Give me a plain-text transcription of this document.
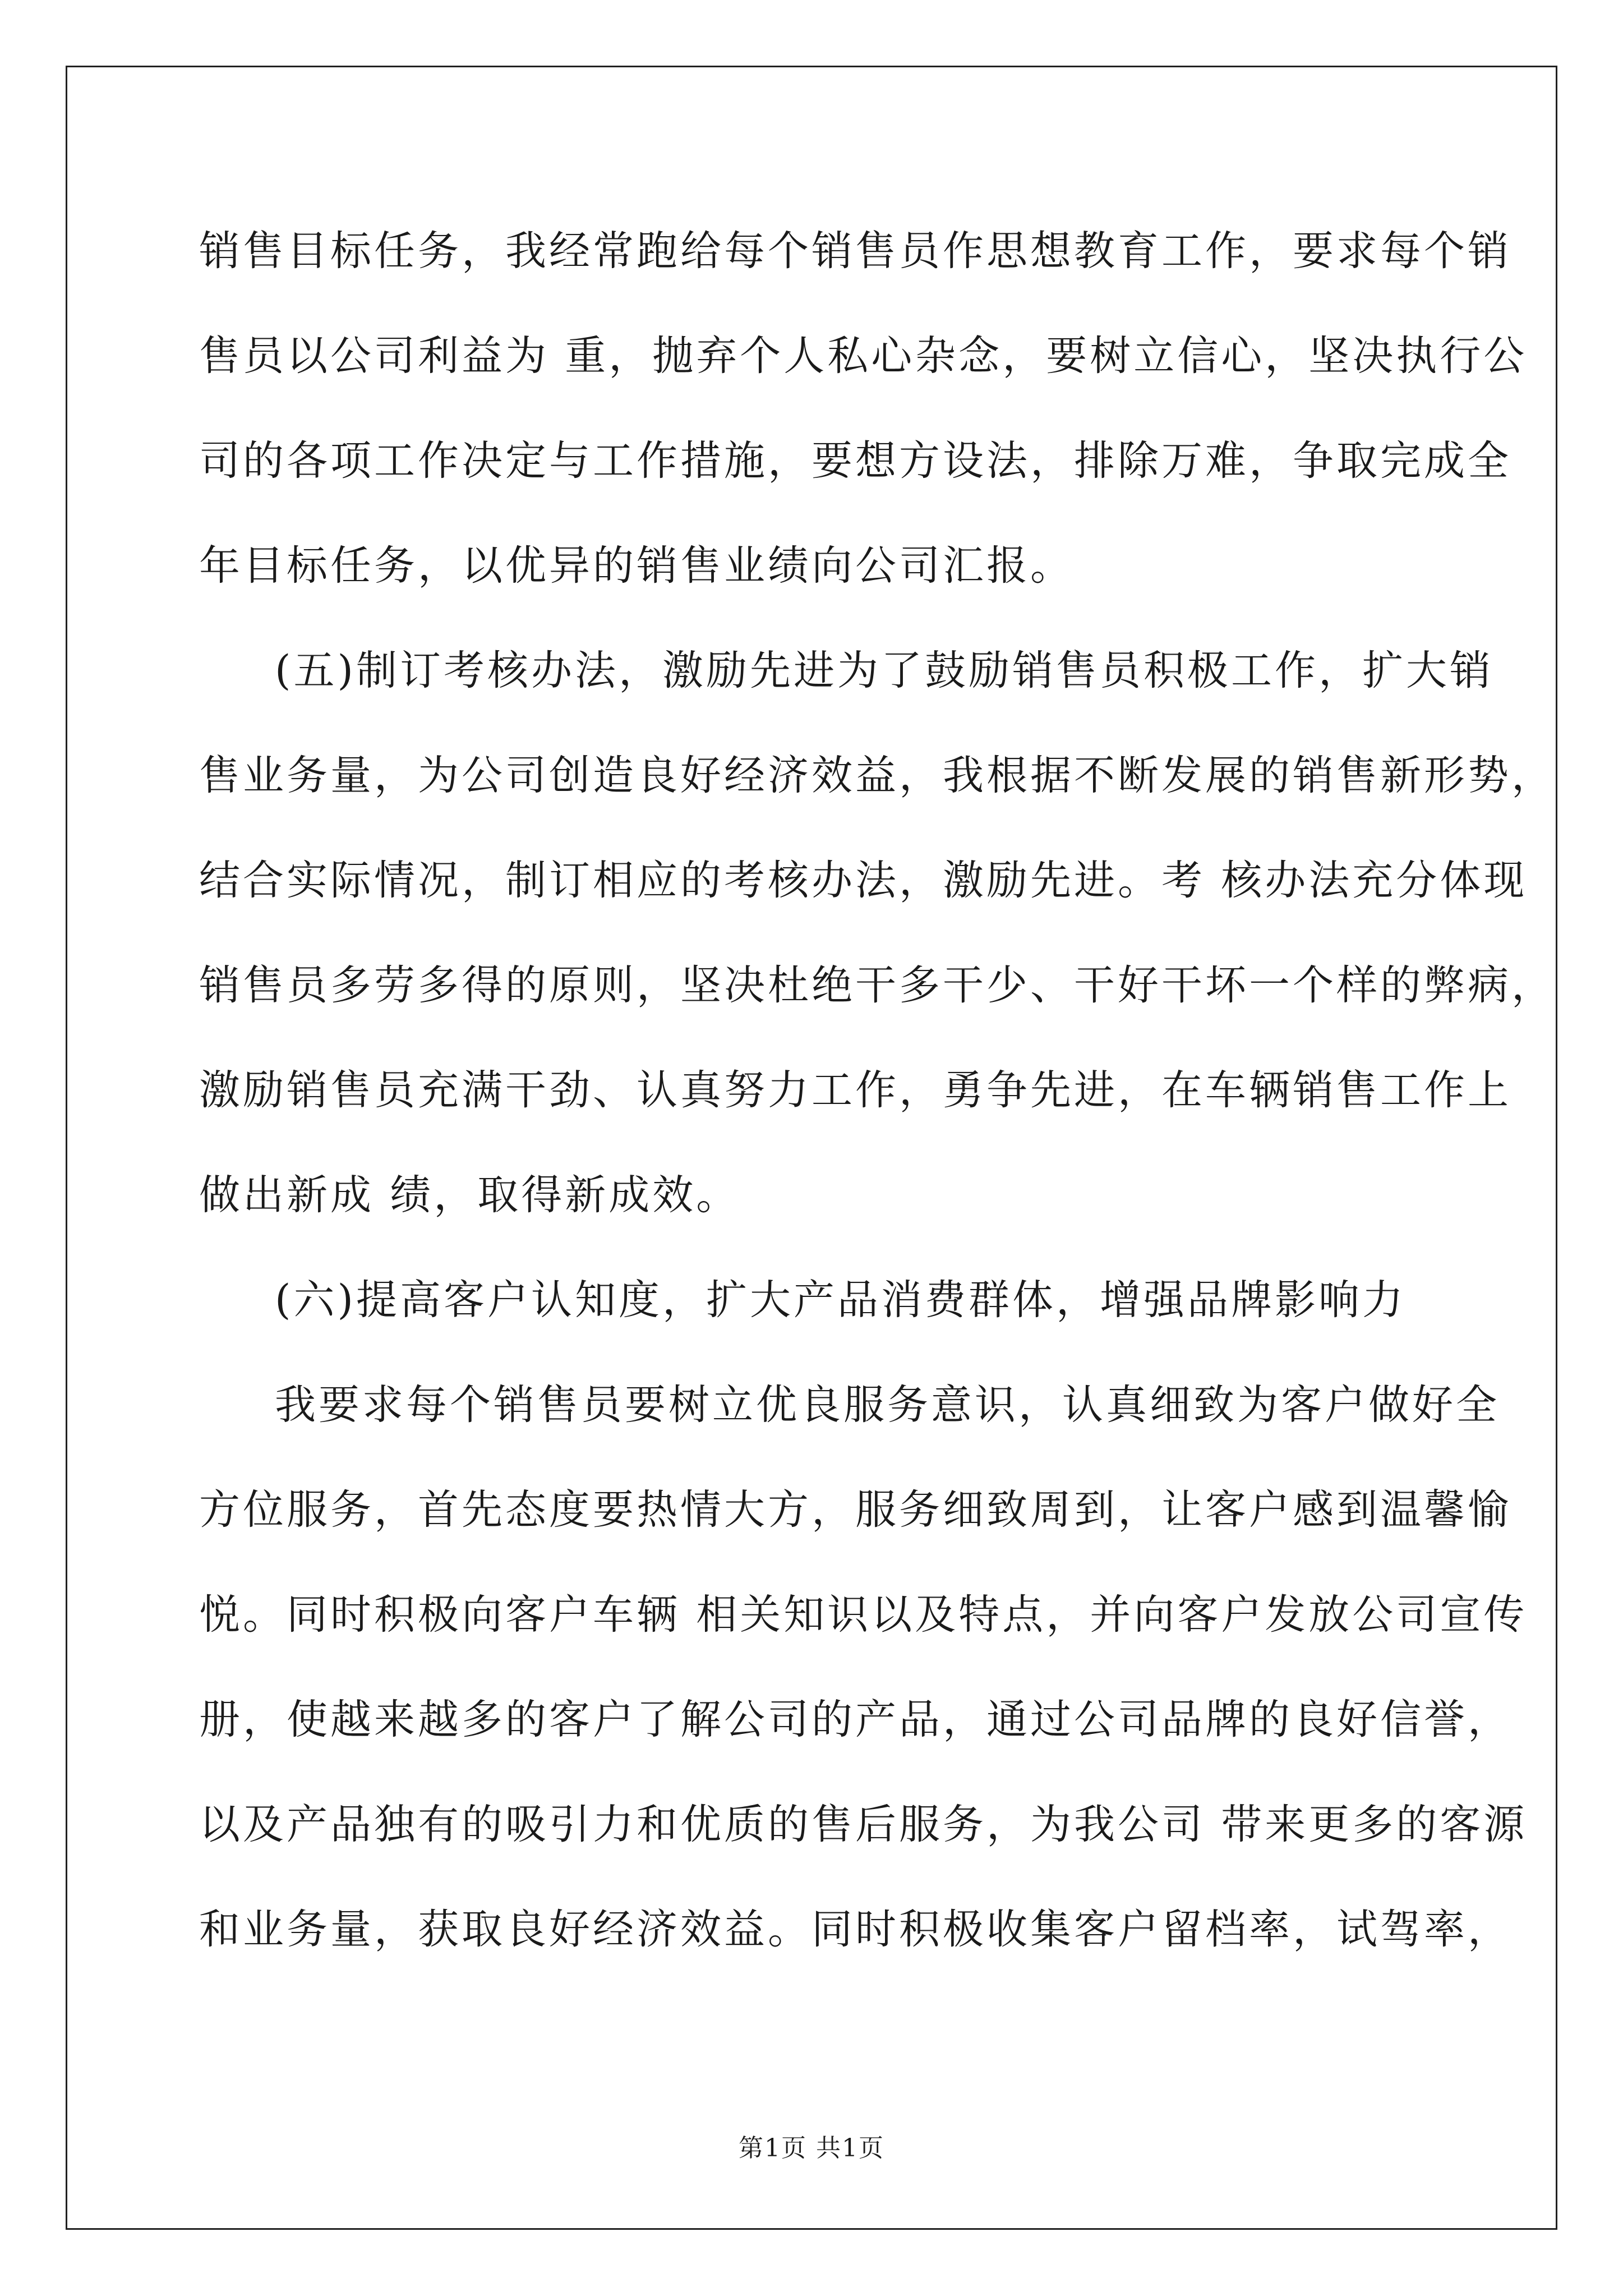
销售目标任务，我经常跑给每个销售员作思想教育工作，要求每个销
售员以公司利益为 重，抛弃个人私心杂念，要树立信心，坚决执行公
司的各项工作决定与工作措施，要想方设法，排除万难，争取完成全
年目标任务，以优异的销售业绩向公司汇报。
(五)制订考核办法，激励先进为了鼓励销售员积极工作，扩大销
售业务量，为公司创造良好经济效益，我根据不断发展的销售新形势，
结合实际情况，制订相应的考核办法，激励先进。考 核办法充分体现
销售员多劳多得的原则，坚决杜绝干多干少、干好干坏一个样的弊病，
激励销售员充满干劲、认真努力工作，勇争先进，在车辆销售工作上
做出新成 绩，取得新成效。
(六)提高客户认知度，扩大产品消费群体，增强品牌影响力
我要求每个销售员要树立优良服务意识，认真细致为客户做好全
方位服务，首先态度要热情大方，服务细致周到，让客户感到温馨愉
悦。同时积极向客户车辆 相关知识以及特点，并向客户发放公司宣传
册，使越来越多的客户了解公司的产品，通过公司品牌的良好信誉，
以及产品独有的吸引力和优质的售后服务，为我公司 带来更多的客源
和业务量，获取良好经济效益。同时积极收集客户留档率，试驾率，
第1页 共1页
